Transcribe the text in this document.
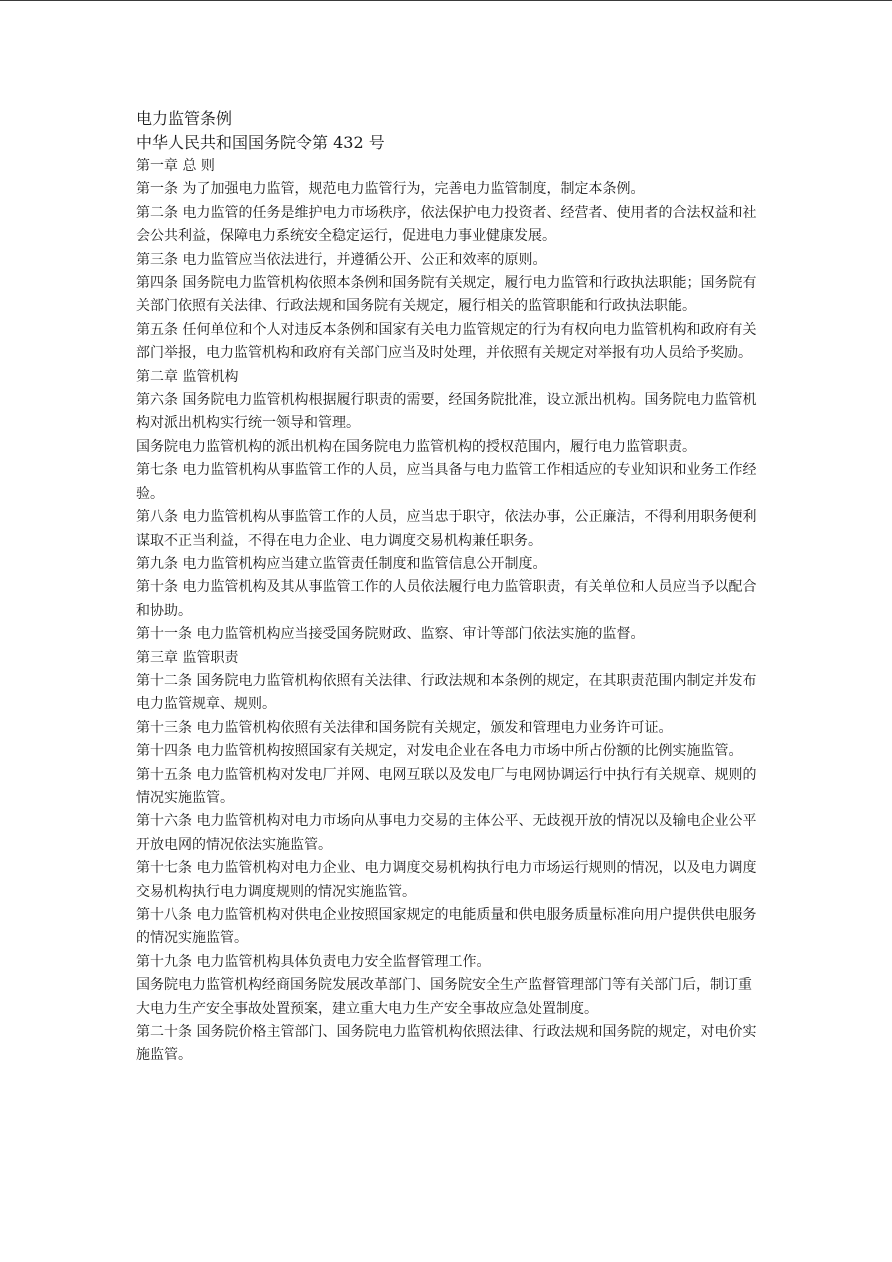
电力监管条例
中华人民共和国国务院令第 432 号

第一章 总 则

第一条 为了加强电力监管，规范电力监管行为，完善电力监管制度，制定本条例。

第二条 电力监管的任务是维护电力市场秩序，依法保护电力投资者、经营者、使用者的合法权益和社会公共利益，保障电力系统安全稳定运行，促进电力事业健康发展。

第三条 电力监管应当依法进行，并遵循公开、公正和效率的原则。

第四条 国务院电力监管机构依照本条例和国务院有关规定，履行电力监管和行政执法职能；国务院有关部门依照有关法律、行政法规和国务院有关规定，履行相关的监管职能和行政执法职能。

第五条 任何单位和个人对违反本条例和国家有关电力监管规定的行为有权向电力监管机构和政府有关部门举报，电力监管机构和政府有关部门应当及时处理，并依照有关规定对举报有功人员给予奖励。

第二章 监管机构

第六条 国务院电力监管机构根据履行职责的需要，经国务院批准，设立派出机构。国务院电力监管机构对派出机构实行统一领导和管理。

国务院电力监管机构的派出机构在国务院电力监管机构的授权范围内，履行电力监管职责。

第七条 电力监管机构从事监管工作的人员，应当具备与电力监管工作相适应的专业知识和业务工作经验。

第八条 电力监管机构从事监管工作的人员，应当忠于职守，依法办事，公正廉洁，不得利用职务便利谋取不正当利益，不得在电力企业、电力调度交易机构兼任职务。

第九条 电力监管机构应当建立监管责任制度和监管信息公开制度。

第十条 电力监管机构及其从事监管工作的人员依法履行电力监管职责，有关单位和人员应当予以配合和协助。

第十一条 电力监管机构应当接受国务院财政、监察、审计等部门依法实施的监督。

第三章 监管职责

第十二条 国务院电力监管机构依照有关法律、行政法规和本条例的规定，在其职责范围内制定并发布电力监管规章、规则。

第十三条 电力监管机构依照有关法律和国务院有关规定，颁发和管理电力业务许可证。

第十四条 电力监管机构按照国家有关规定，对发电企业在各电力市场中所占份额的比例实施监管。

第十五条 电力监管机构对发电厂并网、电网互联以及发电厂与电网协调运行中执行有关规章、规则的情况实施监管。

第十六条 电力监管机构对电力市场向从事电力交易的主体公平、无歧视开放的情况以及输电企业公平开放电网的情况依法实施监管。

第十七条 电力监管机构对电力企业、电力调度交易机构执行电力市场运行规则的情况，以及电力调度交易机构执行电力调度规则的情况实施监管。

第十八条 电力监管机构对供电企业按照国家规定的电能质量和供电服务质量标准向用户提供供电服务的情况实施监管。

第十九条 电力监管机构具体负责电力安全监督管理工作。

国务院电力监管机构经商国务院发展改革部门、国务院安全生产监督管理部门等有关部门后，制订重大电力生产安全事故处置预案，建立重大电力生产安全事故应急处置制度。

第二十条 国务院价格主管部门、国务院电力监管机构依照法律、行政法规和国务院的规定，对电价实施监管。
